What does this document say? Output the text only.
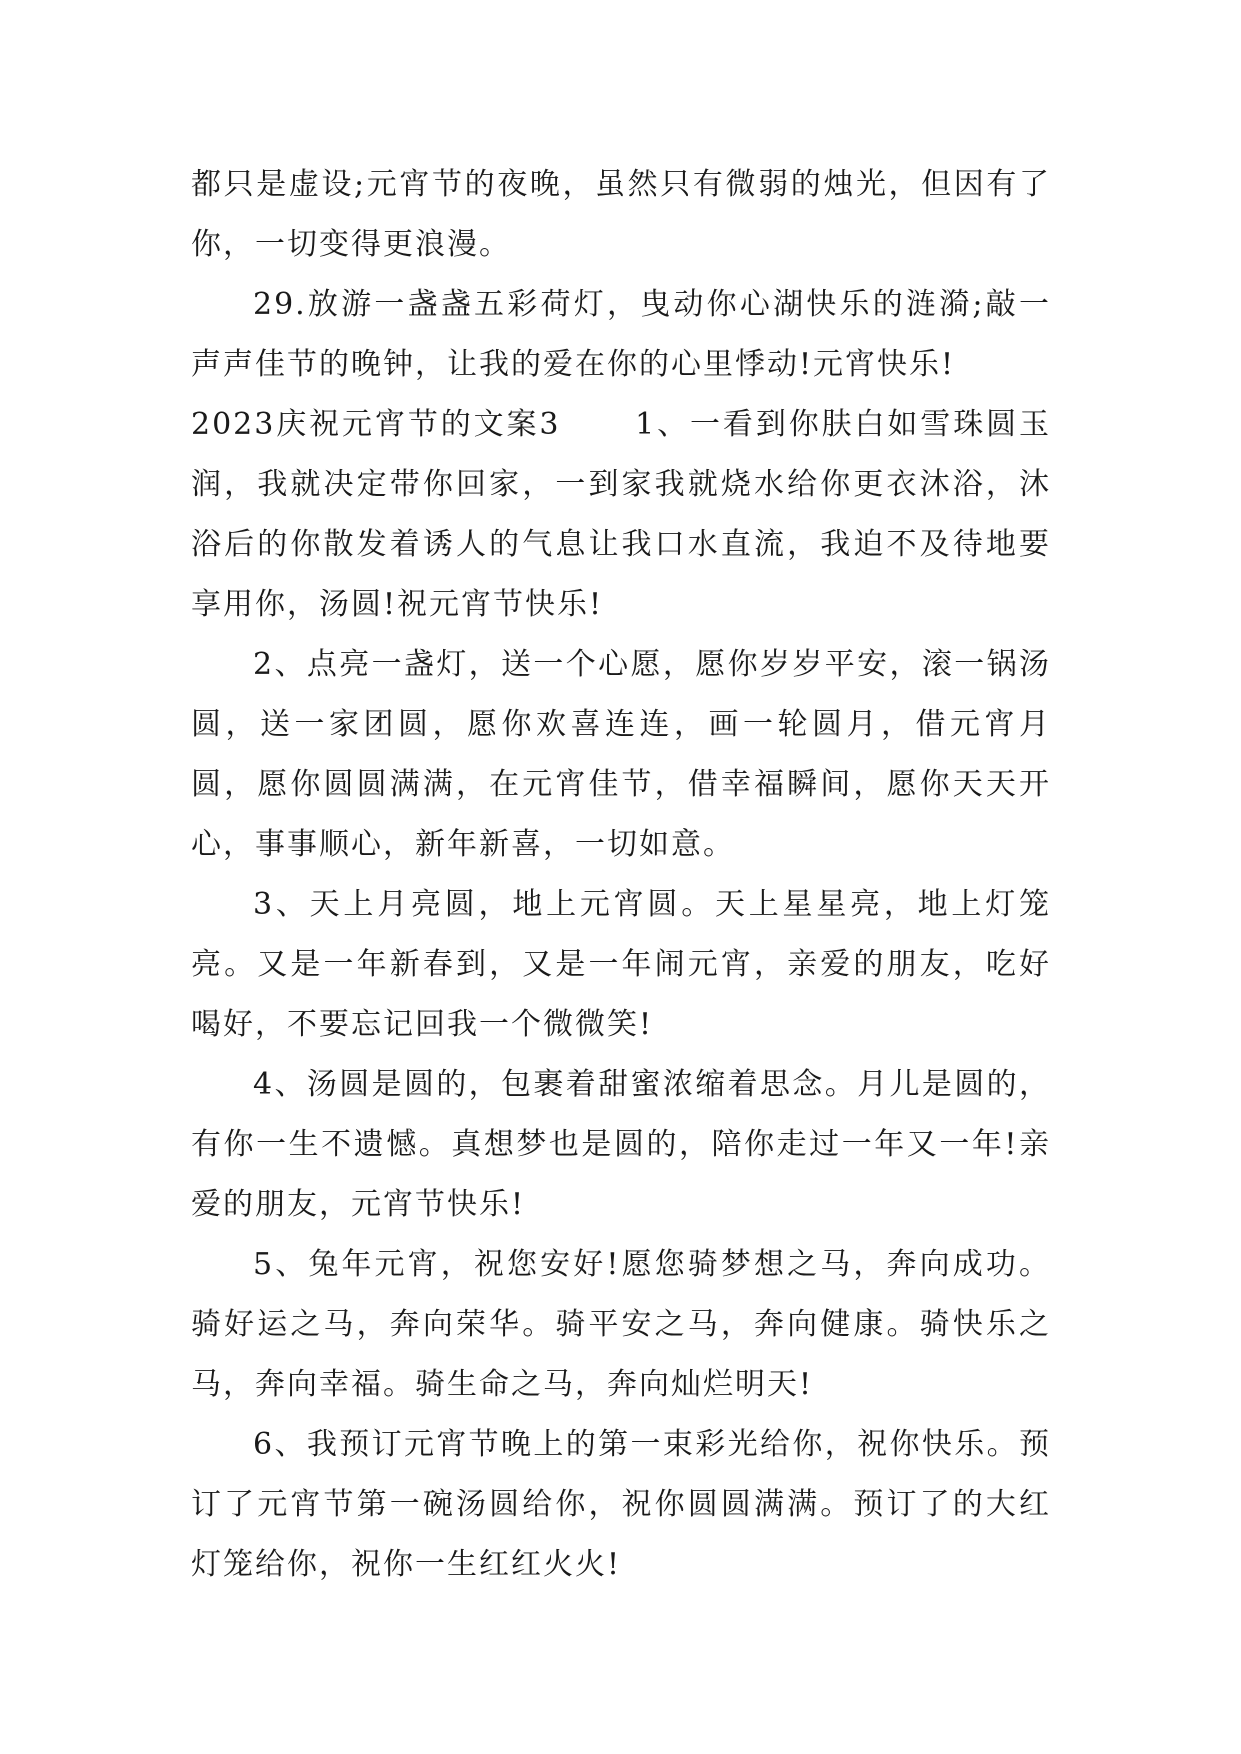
都只是虚设;元宵节的夜晚，虽然只有微弱的烛光，但因有了你，一切变得更浪漫。

29.放游一盏盏五彩荷灯，曳动你心湖快乐的涟漪;敲一声声佳节的晚钟，让我的爱在你的心里悸动!元宵快乐!

2023庆祝元宵节的文案3 1、一看到你肤白如雪珠圆玉润，我就决定带你回家，一到家我就烧水给你更衣沐浴，沐浴后的你散发着诱人的气息让我口水直流，我迫不及待地要享用你，汤圆!祝元宵节快乐!

2、点亮一盏灯，送一个心愿，愿你岁岁平安，滚一锅汤圆，送一家团圆，愿你欢喜连连，画一轮圆月，借元宵月圆，愿你圆圆满满，在元宵佳节，借幸福瞬间，愿你天天开心，事事顺心，新年新喜，一切如意。

3、天上月亮圆，地上元宵圆。天上星星亮，地上灯笼亮。又是一年新春到，又是一年闹元宵，亲爱的朋友，吃好喝好，不要忘记回我一个微微笑!

4、汤圆是圆的，包裹着甜蜜浓缩着思念。月儿是圆的，有你一生不遗憾。真想梦也是圆的，陪你走过一年又一年!亲爱的朋友，元宵节快乐!

5、兔年元宵，祝您安好!愿您骑梦想之马，奔向成功。骑好运之马，奔向荣华。骑平安之马，奔向健康。骑快乐之马，奔向幸福。骑生命之马，奔向灿烂明天!

6、我预订元宵节晚上的第一束彩光给你，祝你快乐。预订了元宵节第一碗汤圆给你，祝你圆圆满满。预订了的大红灯笼给你，祝你一生红红火火!
